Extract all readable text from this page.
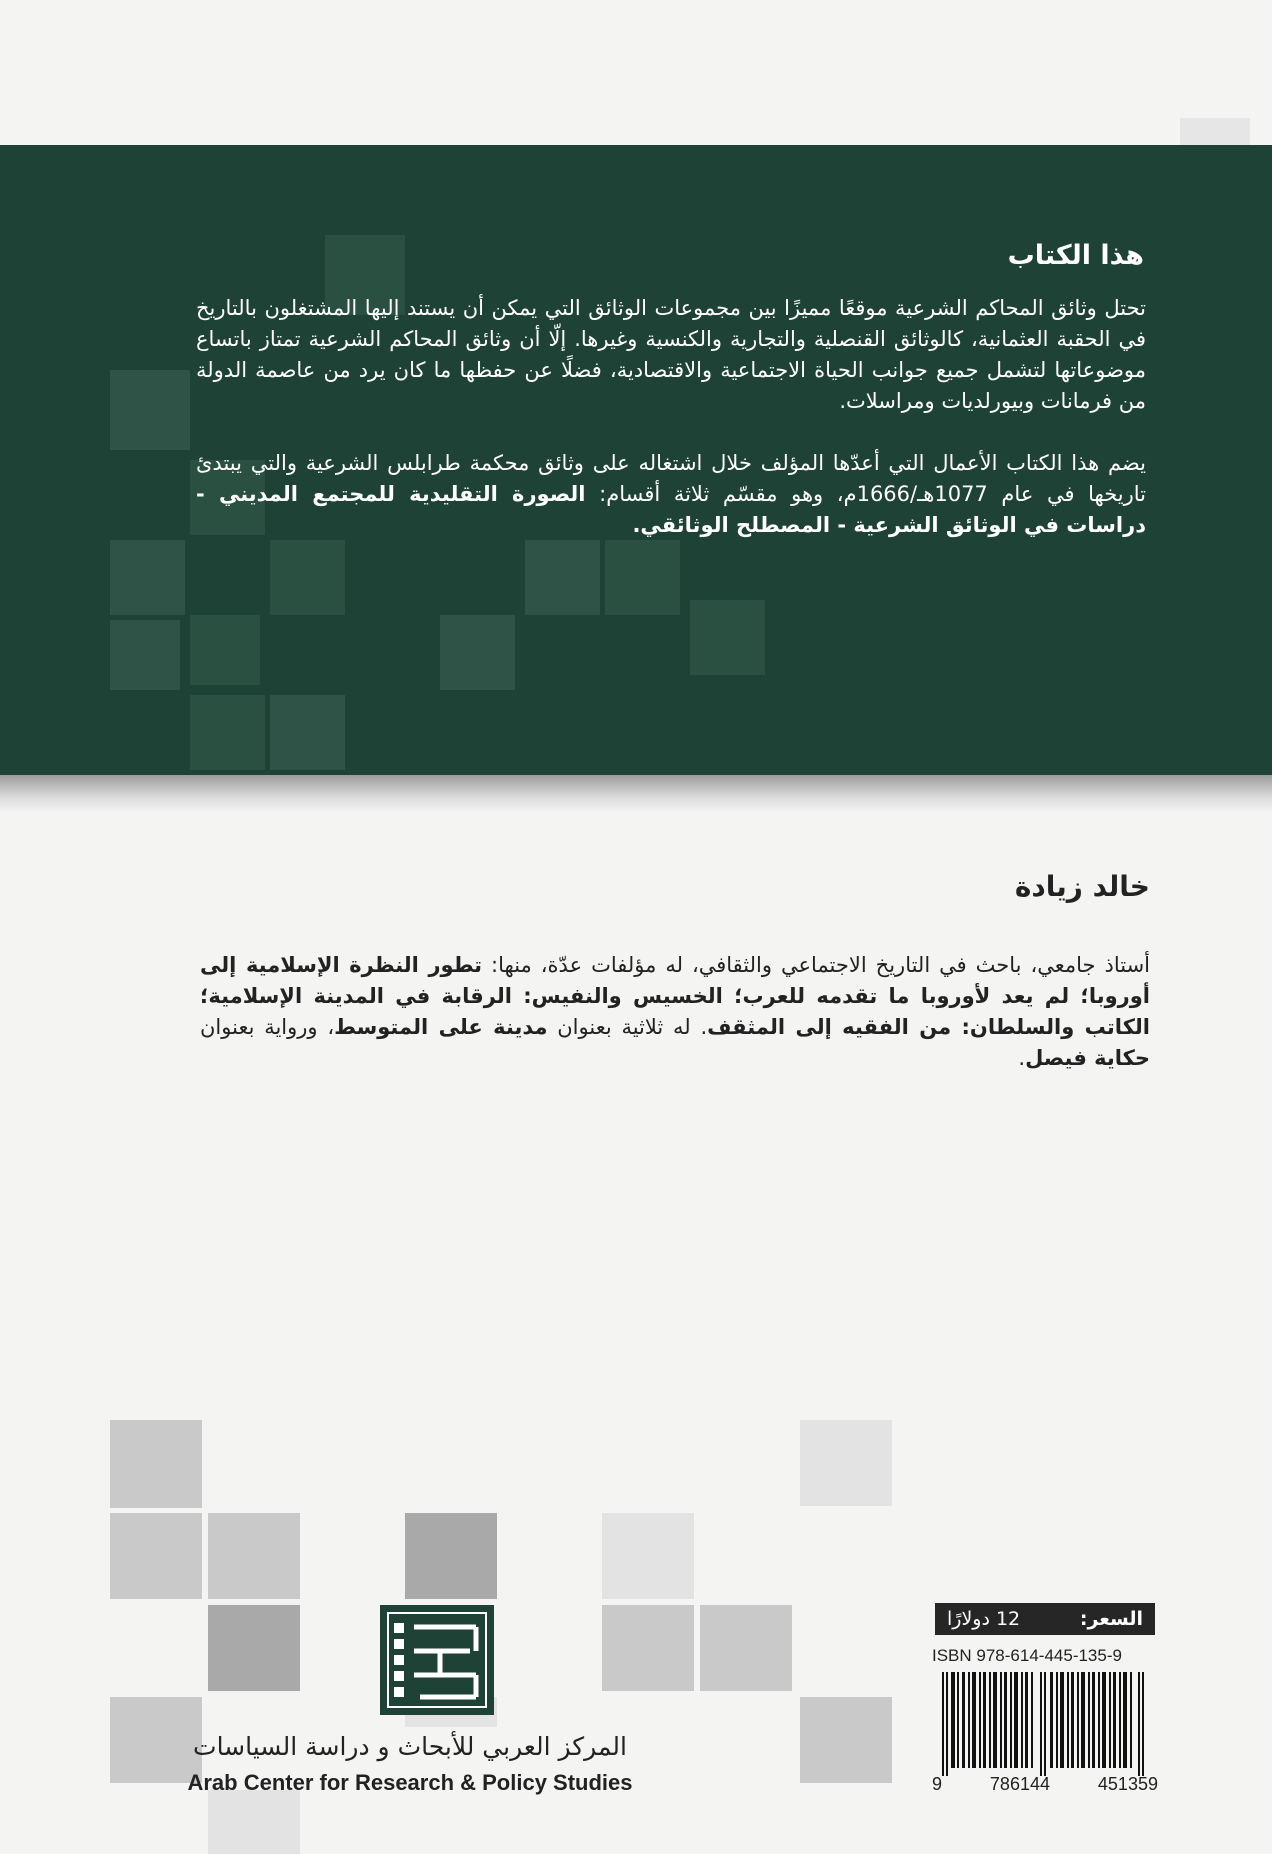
هذا الكتاب

تحتل وثائق المحاكم الشرعية موقعًا مميزًا بين مجموعات الوثائق التي يمكن أن يستند إليها المشتغلون بالتاريخ في الحقبة العثمانية، كالوثائق القنصلية والتجارية والكنسية وغيرها. إلّا أن وثائق المحاكم الشرعية تمتاز باتساع موضوعاتها لتشمل جميع جوانب الحياة الاجتماعية والاقتصادية، فضلًا عن حفظها ما كان يرد من عاصمة الدولة من فرمانات وبيورلديات ومراسلات.

يضم هذا الكتاب الأعمال التي أعدّها المؤلف خلال اشتغاله على وثائق محكمة طرابلس الشرعية والتي يبتدئ تاريخها في عام 1077هـ/1666م، وهو مقسّم ثلاثة أقسام: الصورة التقليدية للمجتمع المديني - دراسات في الوثائق الشرعية - المصطلح الوثائقي.

خالد زيادة

أستاذ جامعي، باحث في التاريخ الاجتماعي والثقافي، له مؤلفات عدّة، منها: تطور النظرة الإسلامية إلى أوروبا؛ لم يعد لأوروبا ما تقدمه للعرب؛ الخسيس والنفيس: الرقابة في المدينة الإسلامية؛ الكاتب والسلطان: من الفقيه إلى المثقف. له ثلاثية بعنوان مدينة على المتوسط، ورواية بعنوان حكاية فيصل.

المركز العربي للأبحاث و دراسة السياسات
Arab Center for Research & Policy Studies
السعر:
12 دولارًا
ISBN 978-614-445-135-9
9	786144	451359
